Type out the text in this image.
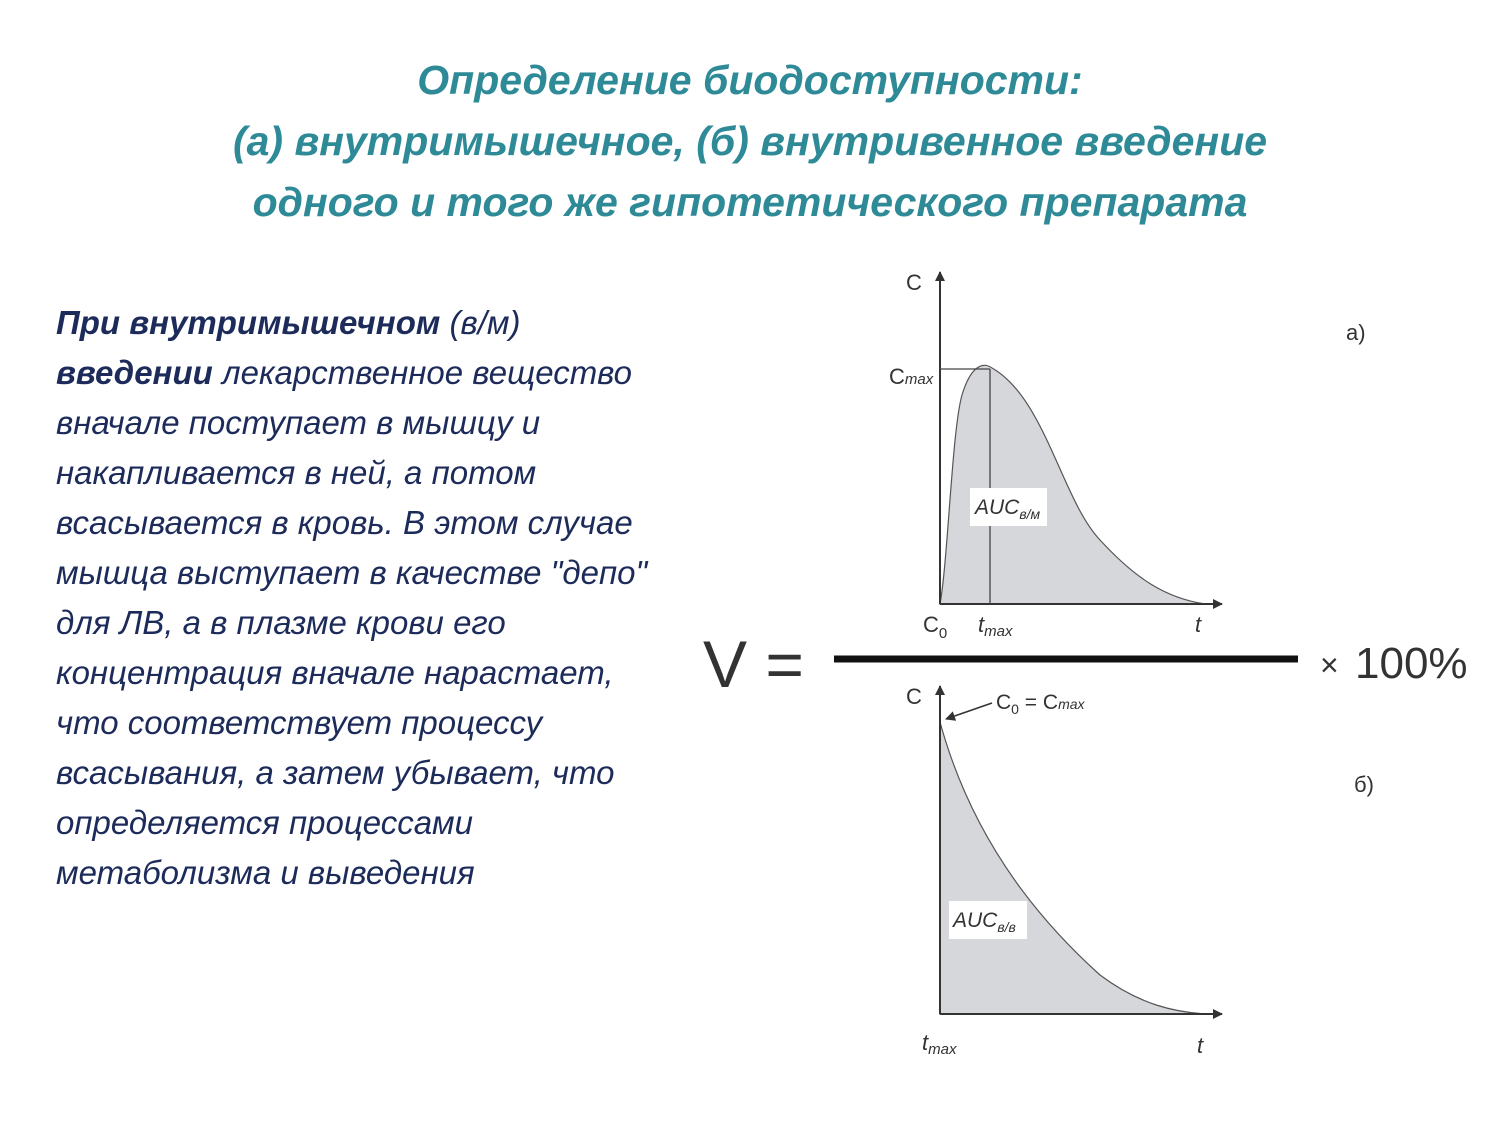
Определение биодоступности:
(а) внутримышечное, (б) внутривенное введение
одного и того же гипотетического препарата
При внутримышечном (в/м) введении лекарственное вещество вначале поступает в мышцу и накапливается в ней, а потом всасывается в кровь. В этом случае мышца выступает в качестве "депо" для ЛВ, а в плазме крови его концентрация вначале нарастает, что соответствует процессу всасывания, а затем убывает, что определяется процессами метаболизма и выведения
C
а)
Cmax
$AUC_{в/м}$
$C_0$ tmax	t
V =	× 100%
C	$C_0 = Cmax$
б)
$AUC_{в/в}$
tmax	t
